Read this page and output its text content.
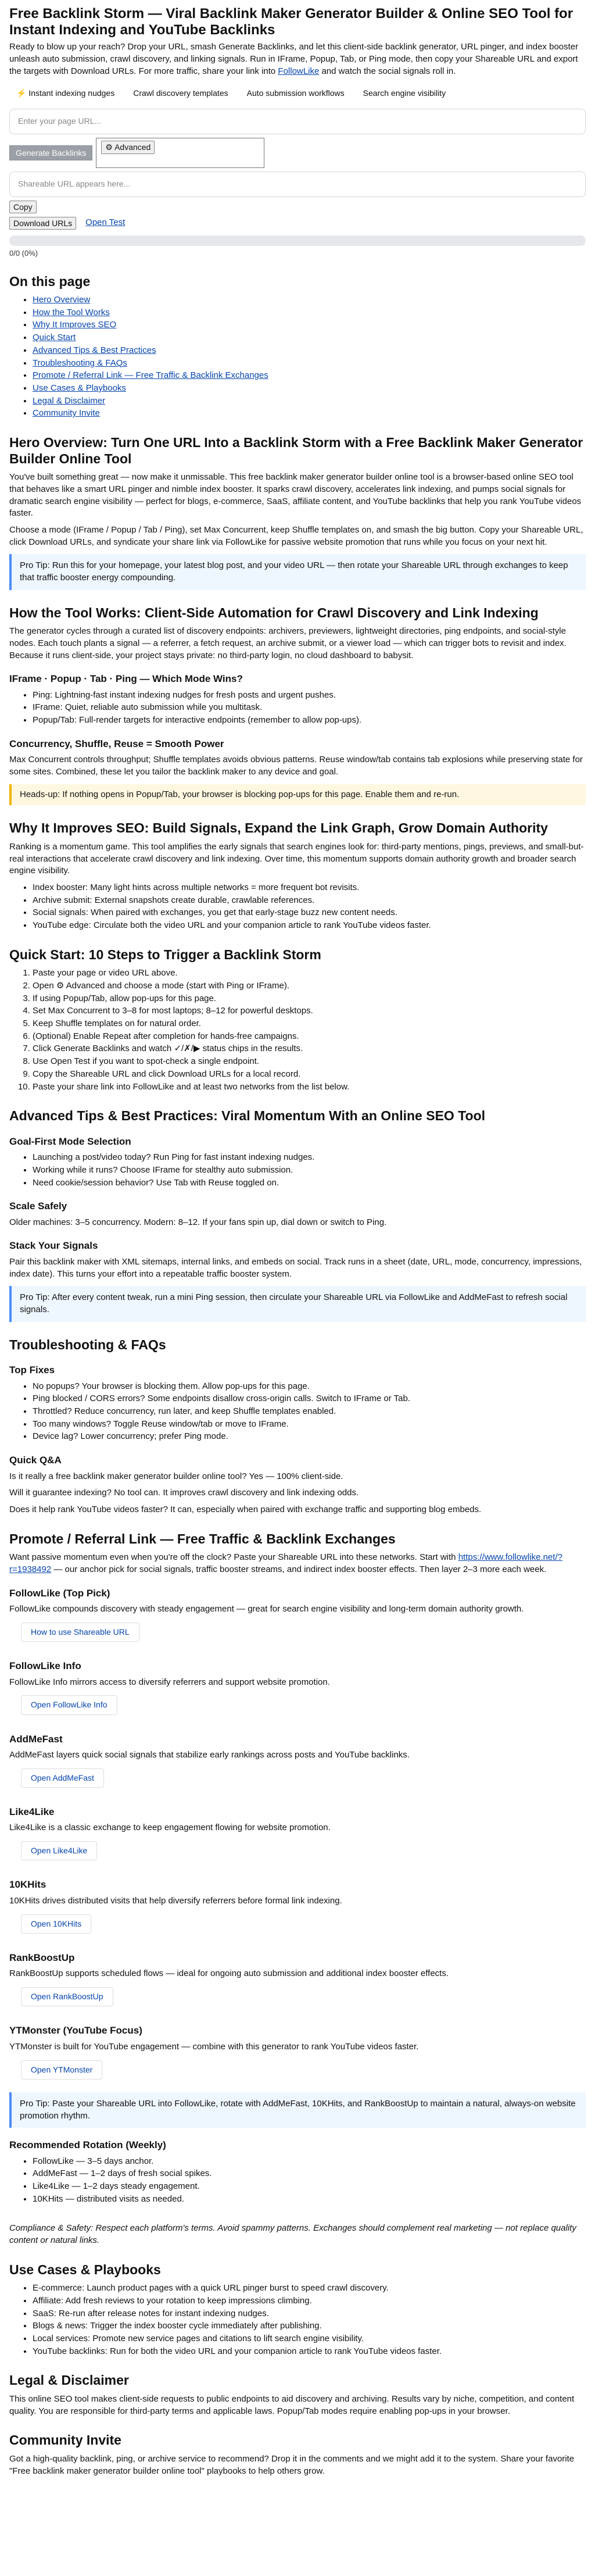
Free Backlink Storm — Viral Backlink Maker Generator Builder & Online SEO Tool for Instant Indexing and YouTube Backlinks

Ready to blow up your reach? Drop your URL, smash Generate Backlinks, and let this client-side backlink generator, URL pinger, and index booster unleash auto submission, crawl discovery, and linking signals. Run in IFrame, Popup, Tab, or Ping mode, then copy your Shareable URL and export the targets with Download URLs. For more traffic, share your link into FollowLike and watch the social signals roll in.

⚡ Instant indexing nudges	Crawl discovery templates	Auto submission workflows	Search engine visibility
Enter your page URL...
Generate Backlinks
⚙ Advanced
Shareable URL appears here...
Copy
Download URLs	Open Test
0/0 (0%)
On this page
• Hero Overview
• How the Tool Works
• Why It Improves SEO
• Quick Start
• Advanced Tips & Best Practices
• Troubleshooting & FAQs
• Promote / Referral Link — Free Traffic & Backlink Exchanges
• Use Cases & Playbooks
• Legal & Disclaimer
• Community Invite
Hero Overview: Turn One URL Into a Backlink Storm with a Free Backlink Maker Generator Builder Online Tool

You've built something great — now make it unmissable. This free backlink maker generator builder online tool is a browser-based online SEO tool that behaves like a smart URL pinger and nimble index booster. It sparks crawl discovery, accelerates link indexing, and pumps social signals for dramatic search engine visibility — perfect for blogs, e-commerce, SaaS, affiliate content, and YouTube backlinks that help you rank YouTube videos faster.

Choose a mode (IFrame / Popup / Tab / Ping), set Max Concurrent, keep Shuffle templates on, and smash the big button. Copy your Shareable URL, click Download URLs, and syndicate your share link via FollowLike for passive website promotion that runs while you focus on your next hit.

Pro Tip: Run this for your homepage, your latest blog post, and your video URL — then rotate your Shareable URL through exchanges to keep that traffic booster energy compounding.
How the Tool Works: Client-Side Automation for Crawl Discovery and Link Indexing

The generator cycles through a curated list of discovery endpoints: archivers, previewers, lightweight directories, ping endpoints, and social-style nodes. Each touch plants a signal — a referrer, a fetch request, an archive submit, or a viewer load — which can trigger bots to revisit and index. Because it runs client-side, your project stays private: no third-party login, no cloud dashboard to babysit.

IFrame · Popup · Tab · Ping — Which Mode Wins?
• Ping: Lightning-fast instant indexing nudges for fresh posts and urgent pushes.
• IFrame: Quiet, reliable auto submission while you multitask.
• Popup/Tab: Full-render targets for interactive endpoints (remember to allow pop-ups).
Concurrency, Shuffle, Reuse = Smooth Power

Max Concurrent controls throughput; Shuffle templates avoids obvious patterns. Reuse window/tab contains tab explosions while preserving state for some sites. Combined, these let you tailor the backlink maker to any device and goal.

Heads-up: If nothing opens in Popup/Tab, your browser is blocking pop-ups for this page. Enable them and re-run.
Why It Improves SEO: Build Signals, Expand the Link Graph, Grow Domain Authority

Ranking is a momentum game. This tool amplifies the early signals that search engines look for: third-party mentions, pings, previews, and small-but-real interactions that accelerate crawl discovery and link indexing. Over time, this momentum supports domain authority growth and broader search engine visibility.

• Index booster: Many light hints across multiple networks = more frequent bot revisits.
• Archive submit: External snapshots create durable, crawlable references.
• Social signals: When paired with exchanges, you get that early-stage buzz new content needs.
• YouTube edge: Circulate both the video URL and your companion article to rank YouTube videos faster.
Quick Start: 10 Steps to Trigger a Backlink Storm
1. Paste your page or video URL above.
2. Open ⚙ Advanced and choose a mode (start with Ping or IFrame).
3. If using Popup/Tab, allow pop-ups for this page.
4. Set Max Concurrent to 3–8 for most laptops; 8–12 for powerful desktops.
5. Keep Shuffle templates on for natural order.
6. (Optional) Enable Repeat after completion for hands-free campaigns.
7. Click Generate Backlinks and watch ✓/✗/▶ status chips in the results.
8. Use Open Test if you want to spot-check a single endpoint.
9. Copy the Shareable URL and click Download URLs for a local record.
10. Paste your share link into FollowLike and at least two networks from the list below.
Advanced Tips & Best Practices: Viral Momentum With an Online SEO Tool
Goal-First Mode Selection
• Launching a post/video today? Run Ping for fast instant indexing nudges.
• Working while it runs? Choose IFrame for stealthy auto submission.
• Need cookie/session behavior? Use Tab with Reuse toggled on.
Scale Safely

Older machines: 3–5 concurrency. Modern: 8–12. If your fans spin up, dial down or switch to Ping.

Stack Your Signals

Pair this backlink maker with XML sitemaps, internal links, and embeds on social. Track runs in a sheet (date, URL, mode, concurrency, impressions, index date). This turns your effort into a repeatable traffic booster system.

Pro Tip: After every content tweak, run a mini Ping session, then circulate your Shareable URL via FollowLike and AddMeFast to refresh social signals.
Troubleshooting & FAQs
Top Fixes
• No popups? Your browser is blocking them. Allow pop-ups for this page.
• Ping blocked / CORS errors? Some endpoints disallow cross-origin calls. Switch to IFrame or Tab.
• Throttled? Reduce concurrency, run later, and keep Shuffle templates enabled.
• Too many windows? Toggle Reuse window/tab or move to IFrame.
• Device lag? Lower concurrency; prefer Ping mode.
Quick Q&A

Is it really a free backlink maker generator builder online tool? Yes — 100% client-side.

Will it guarantee indexing? No tool can. It improves crawl discovery and link indexing odds.

Does it help rank YouTube videos faster? It can, especially when paired with exchange traffic and supporting blog embeds.

Promote / Referral Link — Free Traffic & Backlink Exchanges

Want passive momentum even when you're off the clock? Paste your Shareable URL into these networks. Start with https://www.followlike.net/?r=1938492 — our anchor pick for social signals, traffic booster streams, and indirect index booster effects. Then layer 2–3 more each week.

FollowLike (Top Pick)

FollowLike compounds discovery with steady engagement — great for search engine visibility and long-term domain authority growth.

How to use Shareable URL
FollowLike Info

FollowLike Info mirrors access to diversify referrers and support website promotion.

Open FollowLike Info
AddMeFast

AddMeFast layers quick social signals that stabilize early rankings across posts and YouTube backlinks.

Open AddMeFast
Like4Like

Like4Like is a classic exchange to keep engagement flowing for website promotion.

Open Like4Like
10KHits

10KHits drives distributed visits that help diversify referrers before formal link indexing.

Open 10KHits
RankBoostUp

RankBoostUp supports scheduled flows — ideal for ongoing auto submission and additional index booster effects.

Open RankBoostUp
YTMonster (YouTube Focus)

YTMonster is built for YouTube engagement — combine with this generator to rank YouTube videos faster.

Open YTMonster
Pro Tip: Paste your Shareable URL into FollowLike, rotate with AddMeFast, 10KHits, and RankBoostUp to maintain a natural, always-on website promotion rhythm.
Recommended Rotation (Weekly)
• FollowLike — 3–5 days anchor.
• AddMeFast — 1–2 days of fresh social spikes.
• Like4Like — 1–2 days steady engagement.
• 10KHits — distributed visits as needed.

Compliance & Safety: Respect each platform's terms. Avoid spammy patterns. Exchanges should complement real marketing — not replace quality content or natural links.

Use Cases & Playbooks
• E-commerce: Launch product pages with a quick URL pinger burst to speed crawl discovery.
• Affiliate: Add fresh reviews to your rotation to keep impressions climbing.
• SaaS: Re-run after release notes for instant indexing nudges.
• Blogs & news: Trigger the index booster cycle immediately after publishing.
• Local services: Promote new service pages and citations to lift search engine visibility.
• YouTube backlinks: Run for both the video URL and your companion article to rank YouTube videos faster.
Legal & Disclaimer

This online SEO tool makes client-side requests to public endpoints to aid discovery and archiving. Results vary by niche, competition, and content quality. You are responsible for third-party terms and applicable laws. Popup/Tab modes require enabling pop-ups in your browser.

Community Invite

Got a high-quality backlink, ping, or archive service to recommend? Drop it in the comments and we might add it to the system. Share your favorite "Free backlink maker generator builder online tool" playbooks to help others grow.
